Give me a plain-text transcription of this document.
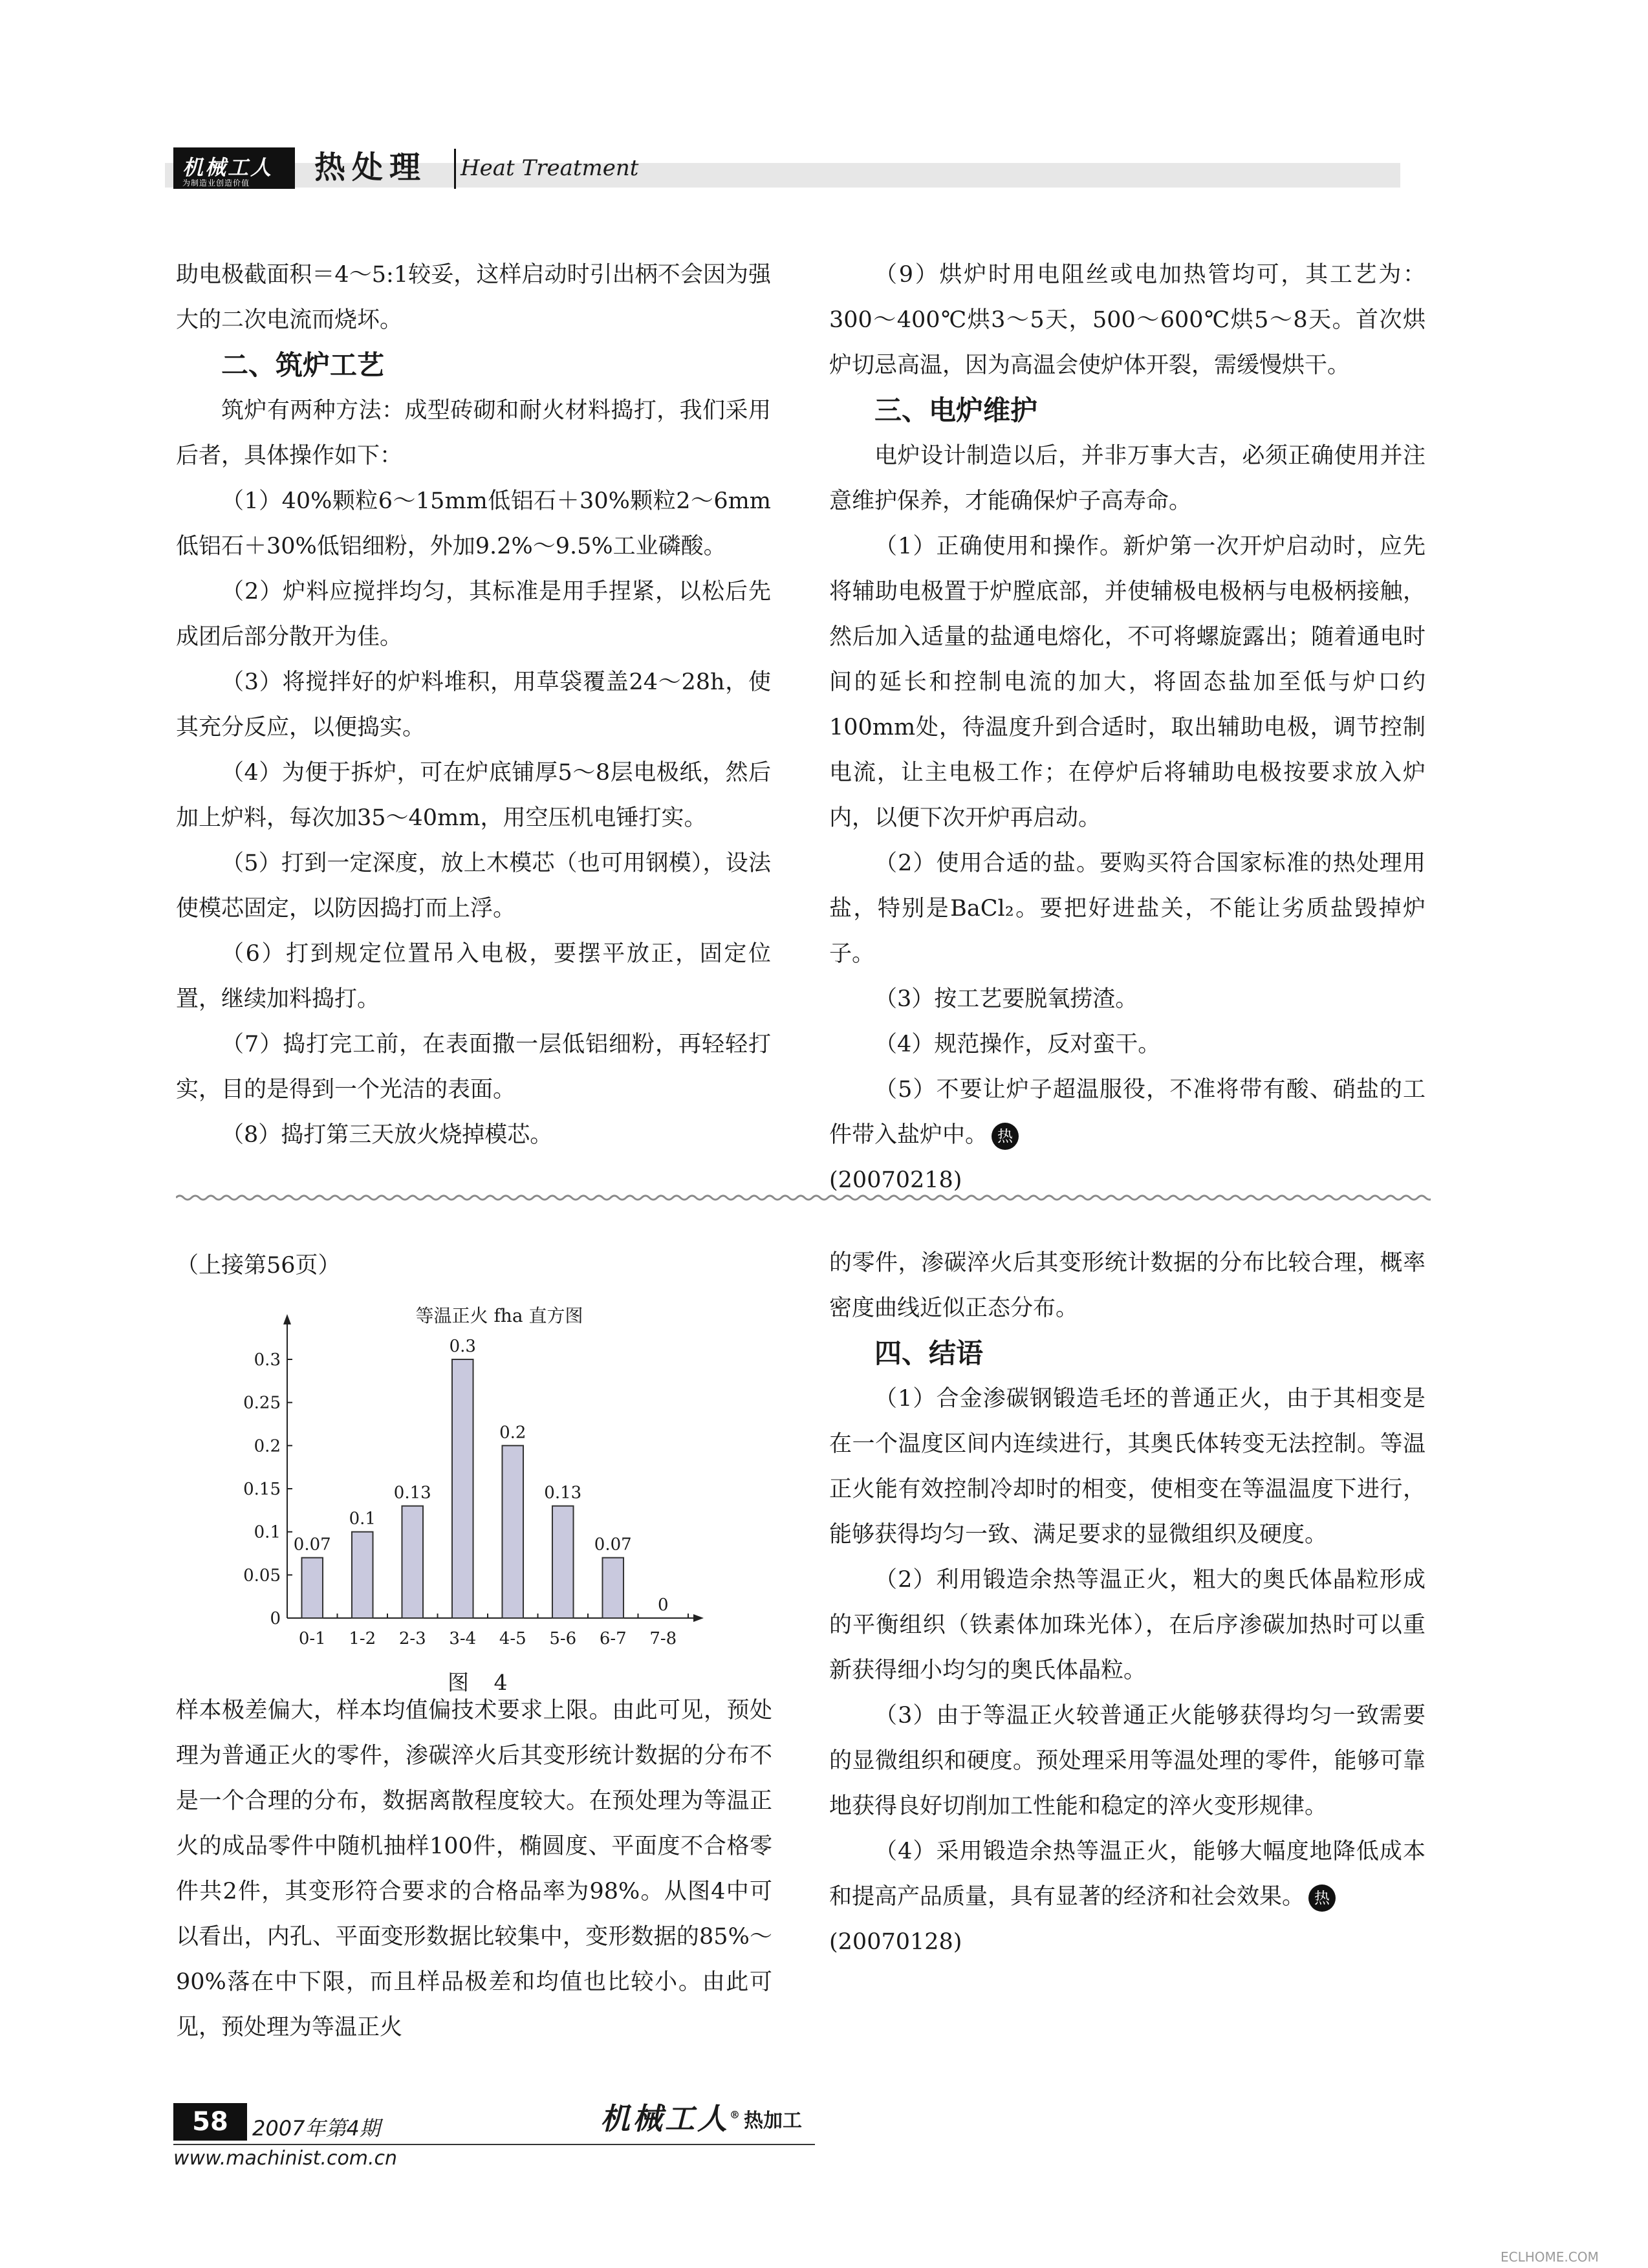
机械工人
为制造业创造价值 热处理 Heat Treatment

助电极截面积＝4～5:1较妥，这样启动时引出柄不会因为强大的二次电流而烧坏。

二、筑炉工艺

筑炉有两种方法：成型砖砌和耐火材料捣打，我们采用后者，具体操作如下：

（1）40%颗粒6～15mm低铝石＋30%颗粒2～6mm低铝石＋30%低铝细粉，外加9.2%～9.5%工业磷酸。

（2）炉料应搅拌均匀，其标准是用手捏紧，以松后先成团后部分散开为佳。

（3）将搅拌好的炉料堆积，用草袋覆盖24～28h，使其充分反应，以便捣实。

（4）为便于拆炉，可在炉底铺厚5～8层电极纸，然后加上炉料，每次加35～40mm，用空压机电锤打实。

（5）打到一定深度，放上木模芯（也可用钢模），设法使模芯固定，以防因捣打而上浮。

（6）打到规定位置吊入电极，要摆平放正，固定位置，继续加料捣打。

（7）捣打完工前，在表面撒一层低铝细粉，再轻轻打实，目的是得到一个光洁的表面。

（8）捣打第三天放火烧掉模芯。

（9）烘炉时用电阻丝或电加热管均可，其工艺为：300～400℃烘3～5天，500～600℃烘5～8天。首次烘炉切忌高温，因为高温会使炉体开裂，需缓慢烘干。

三、电炉维护

电炉设计制造以后，并非万事大吉，必须正确使用并注意维护保养，才能确保炉子高寿命。

（1）正确使用和操作。新炉第一次开炉启动时，应先将辅助电极置于炉膛底部，并使辅极电极柄与电极柄接触，然后加入适量的盐通电熔化，不可将螺旋露出；随着通电时间的延长和控制电流的加大，将固态盐加至低与炉口约100mm处，待温度升到合适时，取出辅助电极，调节控制电流，让主电极工作；在停炉后将辅助电极按要求放入炉内，以便下次开炉再启动。

（2）使用合适的盐。要购买符合国家标准的热处理用盐，特别是BaCl₂。要把好进盐关，不能让劣质盐毁掉炉子。

（3）按工艺要脱氧捞渣。

（4）规范操作，反对蛮干。

（5）不要让炉子超温服役，不准将带有酸、硝盐的工件带入盐炉中。 热

(20070218)

（上接第56页）

等温正火 fha 直方图
0
0.05
0.1
0.15
0.2
0.25
0.3
0.07
0-1
0.1
1-2
0.13
2-3
0.3
3-4
0.2
4-5
0.13
5-6
0.07
6-7
0
7-8
图 4

样本极差偏大，样本均值偏技术要求上限。由此可见，预处理为普通正火的零件，渗碳淬火后其变形统计数据的分布不是一个合理的分布，数据离散程度较大。在预处理为等温正火的成品零件中随机抽样100件，椭圆度、平面度不合格零件共2件，其变形符合要求的合格品率为98%。从图4中可以看出，内孔、平面变形数据比较集中，变形数据的85%～90%落在中下限，而且样品极差和均值也比较小。由此可见，预处理为等温正火

的零件，渗碳淬火后其变形统计数据的分布比较合理，概率密度曲线近似正态分布。

四、结语

（1）合金渗碳钢锻造毛坯的普通正火，由于其相变是在一个温度区间内连续进行，其奥氏体转变无法控制。等温正火能有效控制冷却时的相变，使相变在等温温度下进行，能够获得均匀一致、满足要求的显微组织及硬度。

（2）利用锻造余热等温正火，粗大的奥氏体晶粒形成的平衡组织（铁素体加珠光体），在后序渗碳加热时可以重新获得细小均匀的奥氏体晶粒。

（3）由于等温正火较普通正火能够获得均匀一致需要的显微组织和硬度。预处理采用等温处理的零件，能够可靠地获得良好切削加工性能和稳定的淬火变形规律。

（4）采用锻造余热等温正火，能够大幅度地降低成本和提高产品质量，具有显著的经济和社会效果。 热

(20070128)

58	2007年第4期	机械工人® 热加工
www.machinist.com.cn
ECLHOME.COM
